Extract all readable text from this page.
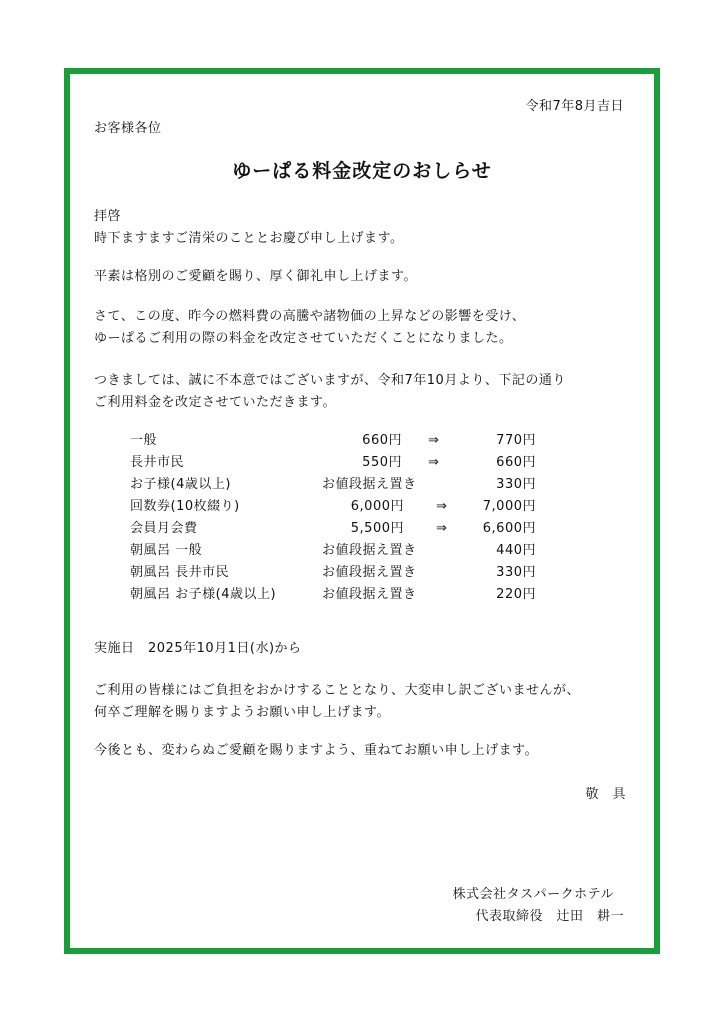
令和7年8月吉日
お客様各位
ゆーぱる料金改定のおしらせ
拝啓
時下ますますご清栄のこととお慶び申し上げます。
平素は格別のご愛顧を賜り、厚く御礼申し上げます。
さて、この度、昨今の燃料費の高騰や諸物価の上昇などの影響を受け、
ゆーぱるご利用の際の料金を改定させていただくことになりました。
つきましては、誠に不本意ではございますが、令和7年10月より、下記の通り
ご利用料金を改定させていただきます。
一般	660円 ⇒	770円
長井市民	550円 ⇒	660円
お子様(4歳以上)	お値段据え置き	330円
回数券(10枚綴り)	6,000円 ⇒	7,000円
会員月会費	5,500円 ⇒	6,600円
朝風呂 一般	お値段据え置き	440円
朝風呂 長井市民	お値段据え置き	330円
朝風呂 お子様(4歳以上)	お値段据え置き	220円
実施日　2025年10月1日(水)から
ご利用の皆様にはご負担をおかけすることとなり、大変申し訳ございませんが、
何卒ご理解を賜りますようお願い申し上げます。
今後とも、変わらぬご愛顧を賜りますよう、重ねてお願い申し上げます。
敬　具
株式会社タスパークホテル
代表取締役　辻田　耕一
